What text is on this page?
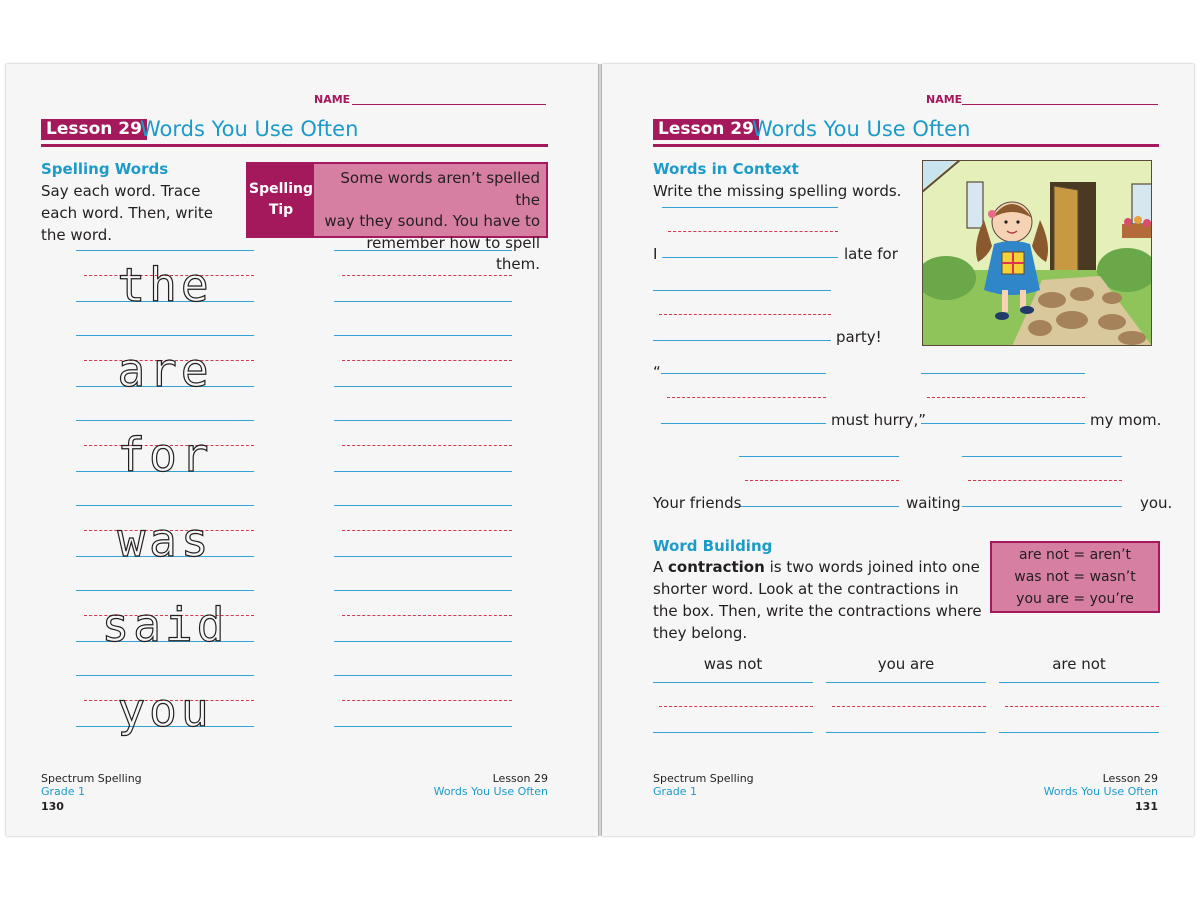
NAME
Lesson 29
Words You Use Often
Spelling Words
Say each word. Trace
each word. Then, write
the word.
Spelling
Tip
Some words aren’t spelled the
way they sound. You have to
remember how to spell them.
the
are
for
was
said
you
Spectrum Spelling
Grade 1
130
Lesson 29
Words You Use Often
NAME
Lesson 29
Words You Use Often
Words in Context
Write the missing spelling words.
I	late for
party!
“
must hurry,”	my mom.
Your friends	waiting	you.
Word Building
A contraction is two words joined into one
shorter word. Look at the contractions in
the box. Then, write the contractions where
they belong.
are not = aren’t
was not = wasn’t
you are = you’re
was not	you are	are not
Spectrum Spelling
Grade 1
Lesson 29
Words You Use Often
131
